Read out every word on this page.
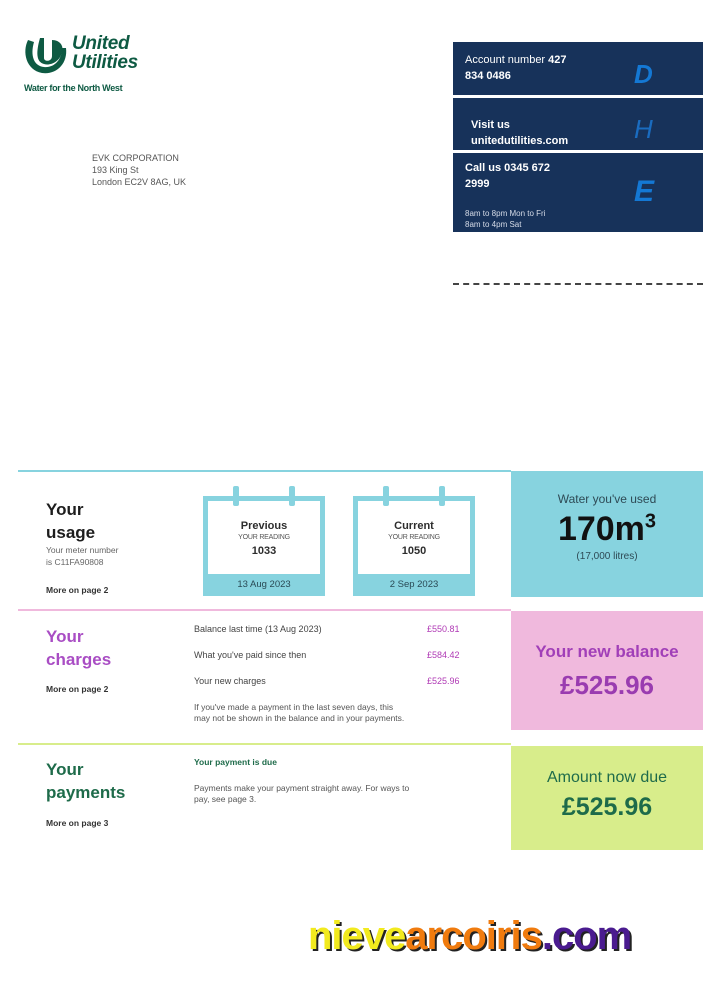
United
Utilities
Water for the North West
EVK CORPORATION
193 King St
London EC2V 8AG, UK
Account number 427
834 0486	D
Visit us
unitedutilities.com	H
Call us 0345 672
2999
8am to 8pm Mon to Fri
8am to 4pm Sat
E
Your
usage
Your meter number
is C11FA90808
More on page 2
Previous
YOUR READING
1033
13 Aug 2023
Current
YOUR READING
1050
2 Sep 2023
Water you've used
$170m^3$
(17,000 litres)
Your
charges
More on page 2
Balance last time (13 Aug 2023)	£550.81
What you've paid since then	£584.42
Your new charges	£525.96
If you've made a payment in the last seven days, this
may not be shown in the balance and in your payments.
Your new balance
£525.96
Your
payments
More on page 3
Your payment is due
Payments make your payment straight away. For ways to
pay, see page 3.
Amount now due
£525.96
nievearcoiris.com
